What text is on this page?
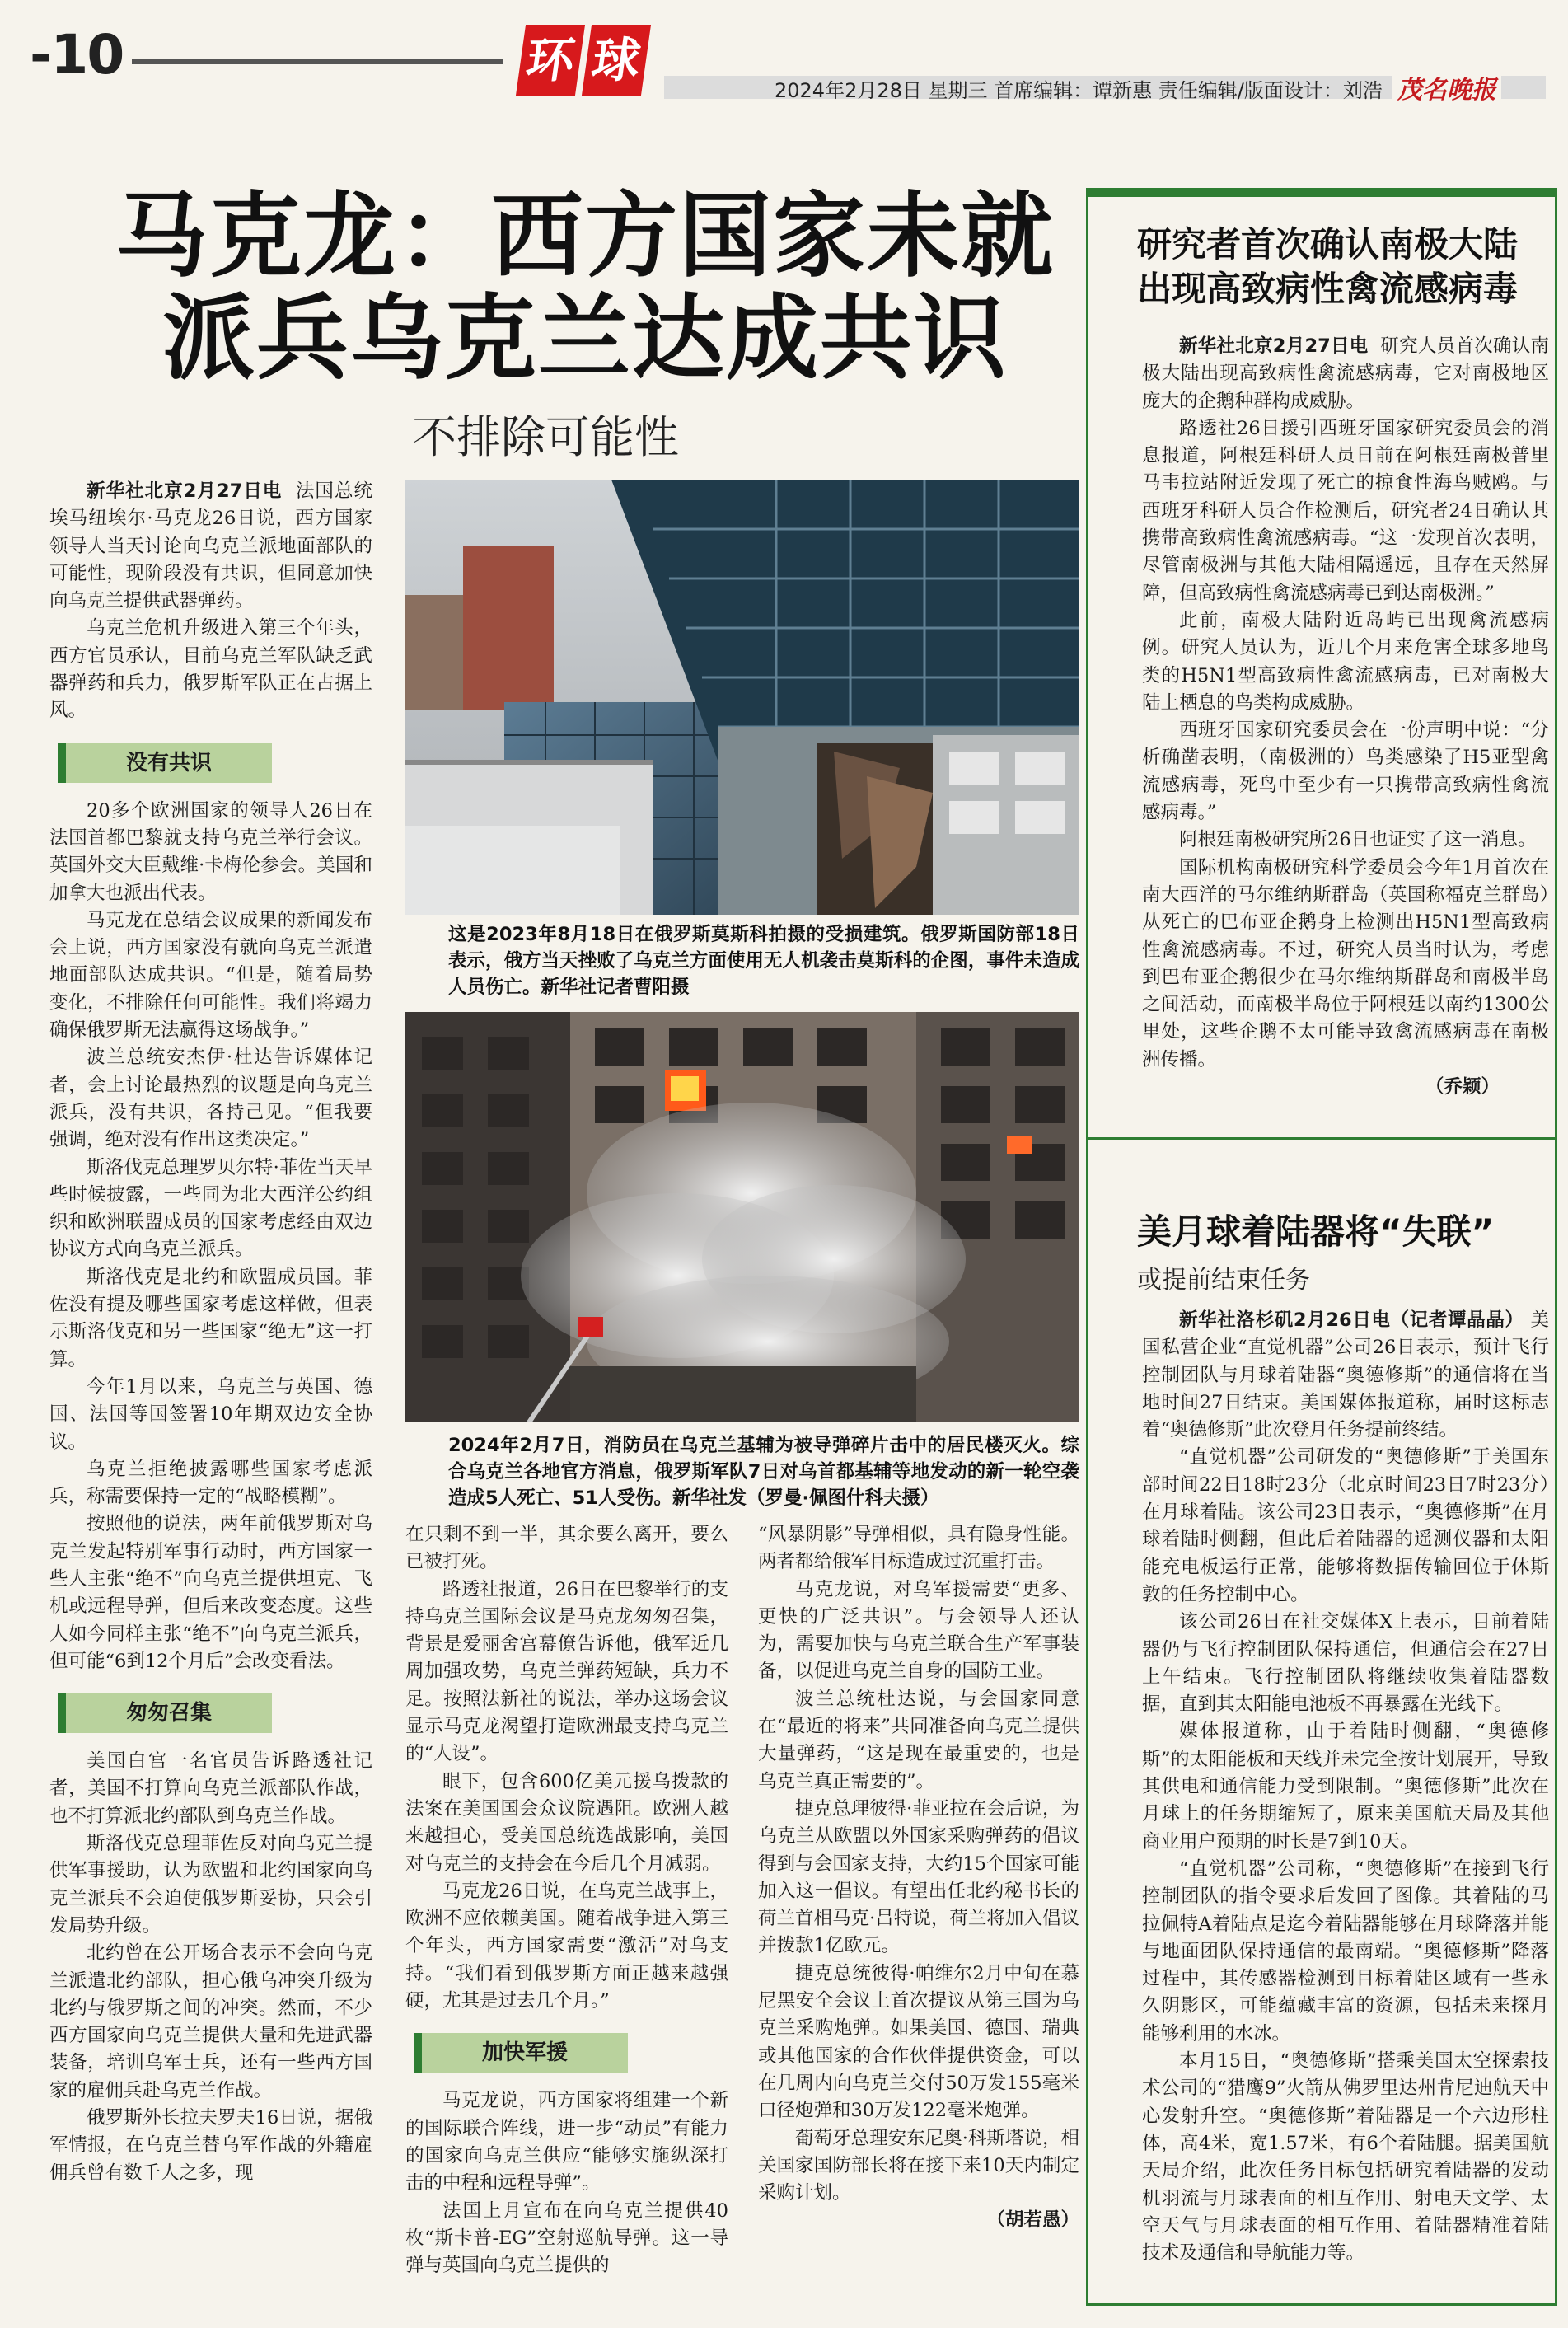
-10	环 球
2024年2月28日 星期三 首席编辑：谭新惠 责任编辑/版面设计：刘浩 茂名晚报
马克龙：西方国家未就
派兵乌克兰达成共识
不排除可能性

新华社北京2月27日电 法国总统埃马纽埃尔·马克龙26日说，西方国家领导人当天讨论向乌克兰派地面部队的可能性，现阶段没有共识，但同意加快向乌克兰提供武器弹药。

乌克兰危机升级进入第三个年头，西方官员承认，目前乌克兰军队缺乏武器弹药和兵力，俄罗斯军队正在占据上风。

没有共识

20多个欧洲国家的领导人26日在法国首都巴黎就支持乌克兰举行会议。英国外交大臣戴维·卡梅伦参会。美国和加拿大也派出代表。

马克龙在总结会议成果的新闻发布会上说，西方国家没有就向乌克兰派遣地面部队达成共识。“但是，随着局势变化，不排除任何可能性。我们将竭力确保俄罗斯无法赢得这场战争。”

波兰总统安杰伊·杜达告诉媒体记者，会上讨论最热烈的议题是向乌克兰派兵，没有共识，各持己见。“但我要强调，绝对没有作出这类决定。”

斯洛伐克总理罗贝尔特·菲佐当天早些时候披露，一些同为北大西洋公约组织和欧洲联盟成员的国家考虑经由双边协议方式向乌克兰派兵。

斯洛伐克是北约和欧盟成员国。菲佐没有提及哪些国家考虑这样做，但表示斯洛伐克和另一些国家“绝无”这一打算。

今年1月以来，乌克兰与英国、德国、法国等国签署10年期双边安全协议。

乌克兰拒绝披露哪些国家考虑派兵，称需要保持一定的“战略模糊”。

按照他的说法，两年前俄罗斯对乌克兰发起特别军事行动时，西方国家一些人主张“绝不”向乌克兰提供坦克、飞机或远程导弹，但后来改变态度。这些人如今同样主张“绝不”向乌克兰派兵，但可能“6到12个月后”会改变看法。

匆匆召集

美国白宫一名官员告诉路透社记者，美国不打算向乌克兰派部队作战，也不打算派北约部队到乌克兰作战。

斯洛伐克总理菲佐反对向乌克兰提供军事援助，认为欧盟和北约国家向乌克兰派兵不会迫使俄罗斯妥协，只会引发局势升级。

北约曾在公开场合表示不会向乌克兰派遣北约部队，担心俄乌冲突升级为北约与俄罗斯之间的冲突。然而，不少西方国家向乌克兰提供大量和先进武器装备，培训乌军士兵，还有一些西方国家的雇佣兵赴乌克兰作战。

俄罗斯外长拉夫罗夫16日说，据俄军情报，在乌克兰替乌军作战的外籍雇佣兵曾有数千人之多，现

这是2023年8月18日在俄罗斯莫斯科拍摄的受损建筑。俄罗斯国防部18日表示，俄方当天挫败了乌克兰方面使用无人机袭击莫斯科的企图，事件未造成人员伤亡。新华社记者曹阳摄
2024年2月7日，消防员在乌克兰基辅为被导弹碎片击中的居民楼灭火。综合乌克兰各地官方消息，俄罗斯军队7日对乌首都基辅等地发动的新一轮空袭造成5人死亡、51人受伤。新华社发（罗曼·佩图什科夫摄）

在只剩不到一半，其余要么离开，要么已被打死。

路透社报道，26日在巴黎举行的支持乌克兰国际会议是马克龙匆匆召集，背景是爱丽舍宫幕僚告诉他，俄军近几周加强攻势，乌克兰弹药短缺，兵力不足。按照法新社的说法，举办这场会议显示马克龙渴望打造欧洲最支持乌克兰的“人设”。

眼下，包含600亿美元援乌拨款的法案在美国国会众议院遇阻。欧洲人越来越担心，受美国总统选战影响，美国对乌克兰的支持会在今后几个月减弱。

马克龙26日说，在乌克兰战事上，欧洲不应依赖美国。随着战争进入第三个年头，西方国家需要“激活”对乌支持。“我们看到俄罗斯方面正越来越强硬，尤其是过去几个月。”

加快军援

马克龙说，西方国家将组建一个新的国际联合阵线，进一步“动员”有能力的国家向乌克兰供应“能够实施纵深打击的中程和远程导弹”。

法国上月宣布在向乌克兰提供40枚“斯卡普-EG”空射巡航导弹。这一导弹与英国向乌克兰提供的

“风暴阴影”导弹相似，具有隐身性能。两者都给俄军目标造成过沉重打击。

马克龙说，对乌军援需要“更多、更快的广泛共识”。与会领导人还认为，需要加快与乌克兰联合生产军事装备，以促进乌克兰自身的国防工业。

波兰总统杜达说，与会国家同意在“最近的将来”共同准备向乌克兰提供大量弹药，“这是现在最重要的，也是乌克兰真正需要的”。

捷克总理彼得·菲亚拉在会后说，为乌克兰从欧盟以外国家采购弹药的倡议得到与会国家支持，大约15个国家可能加入这一倡议。有望出任北约秘书长的荷兰首相马克·吕特说，荷兰将加入倡议并拨款1亿欧元。

捷克总统彼得·帕维尔2月中旬在慕尼黑安全会议上首次提议从第三国为乌克兰采购炮弹。如果美国、德国、瑞典或其他国家的合作伙伴提供资金，可以在几周内向乌克兰交付50万发155毫米口径炮弹和30万发122毫米炮弹。

葡萄牙总理安东尼奥·科斯塔说，相关国家国防部长将在接下来10天内制定采购计划。

（胡若愚）

研究者首次确认南极大陆出现高致病性禽流感病毒

新华社北京2月27日电 研究人员首次确认南极大陆出现高致病性禽流感病毒，它对南极地区庞大的企鹅种群构成威胁。

路透社26日援引西班牙国家研究委员会的消息报道，阿根廷科研人员日前在阿根廷南极普里马韦拉站附近发现了死亡的掠食性海鸟贼鸥。与西班牙科研人员合作检测后，研究者24日确认其携带高致病性禽流感病毒。“这一发现首次表明，尽管南极洲与其他大陆相隔遥远，且存在天然屏障，但高致病性禽流感病毒已到达南极洲。”

此前，南极大陆附近岛屿已出现禽流感病例。研究人员认为，近几个月来危害全球多地鸟类的H5N1型高致病性禽流感病毒，已对南极大陆上栖息的鸟类构成威胁。

西班牙国家研究委员会在一份声明中说：“分析确凿表明，（南极洲的）鸟类感染了H5亚型禽流感病毒，死鸟中至少有一只携带高致病性禽流感病毒。”

阿根廷南极研究所26日也证实了这一消息。

国际机构南极研究科学委员会今年1月首次在南大西洋的马尔维纳斯群岛（英国称福克兰群岛）从死亡的巴布亚企鹅身上检测出H5N1型高致病性禽流感病毒。不过，研究人员当时认为，考虑到巴布亚企鹅很少在马尔维纳斯群岛和南极半岛之间活动，而南极半岛位于阿根廷以南约1300公里处，这些企鹅不太可能导致禽流感病毒在南极洲传播。

（乔颖）

美月球着陆器将“失联”
或提前结束任务

新华社洛杉矶2月26日电（记者谭晶晶） 美国私营企业“直觉机器”公司26日表示，预计飞行控制团队与月球着陆器“奥德修斯”的通信将在当地时间27日结束。美国媒体报道称，届时这标志着“奥德修斯”此次登月任务提前终结。

“直觉机器”公司研发的“奥德修斯”于美国东部时间22日18时23分（北京时间23日7时23分）在月球着陆。该公司23日表示，“奥德修斯”在月球着陆时侧翻，但此后着陆器的遥测仪器和太阳能充电板运行正常，能够将数据传输回位于休斯敦的任务控制中心。

该公司26日在社交媒体X上表示，目前着陆器仍与飞行控制团队保持通信，但通信会在27日上午结束。飞行控制团队将继续收集着陆器数据，直到其太阳能电池板不再暴露在光线下。

媒体报道称，由于着陆时侧翻，“奥德修斯”的太阳能板和天线并未完全按计划展开，导致其供电和通信能力受到限制。“奥德修斯”此次在月球上的任务期缩短了，原来美国航天局及其他商业用户预期的时长是7到10天。

“直觉机器”公司称，“奥德修斯”在接到飞行控制团队的指令要求后发回了图像。其着陆的马拉佩特A着陆点是迄今着陆器能够在月球降落并能与地面团队保持通信的最南端。“奥德修斯”降落过程中，其传感器检测到目标着陆区域有一些永久阴影区，可能蕴藏丰富的资源，包括未来探月能够利用的水冰。

本月15日，“奥德修斯”搭乘美国太空探索技术公司的“猎鹰9”火箭从佛罗里达州肯尼迪航天中心发射升空。“奥德修斯”着陆器是一个六边形柱体，高4米，宽1.57米，有6个着陆腿。据美国航天局介绍，此次任务目标包括研究着陆器的发动机羽流与月球表面的相互作用、射电天文学、太空天气与月球表面的相互作用、着陆器精准着陆技术及通信和导航能力等。
